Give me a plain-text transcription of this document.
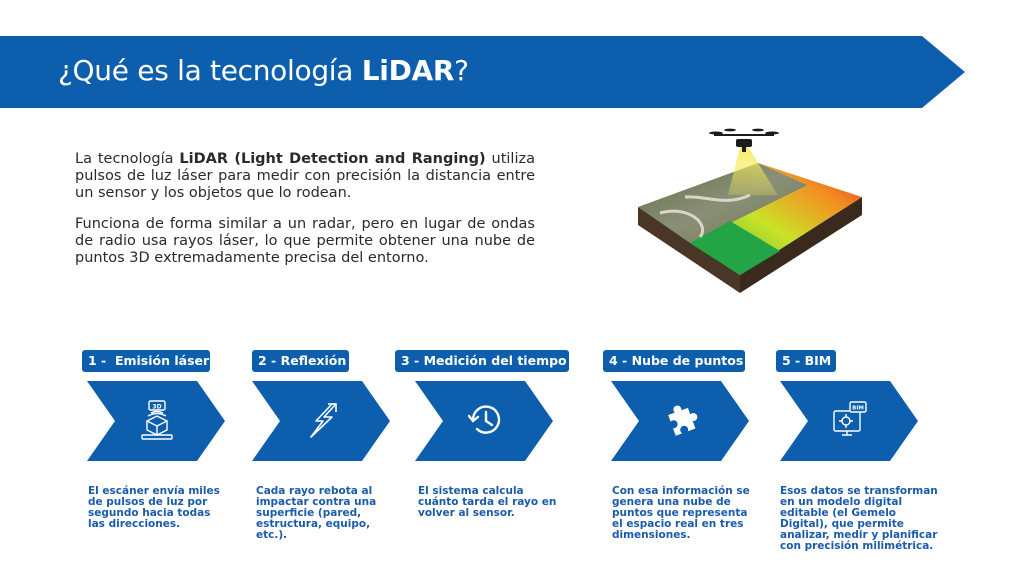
¿Qué es la tecnología LiDAR?

La tecnología LiDAR (Light Detection and Ranging) utiliza pulsos de luz láser para medir con precisión la distancia entre un sensor y los objetos que lo rodean.

Funciona de forma similar a un radar, pero en lugar de ondas de radio usa rayos láser, lo que permite obtener una nube de puntos 3D extremadamente precisa del entorno.

1 -  Emisión láser
3D
El escáner envía miles de pulsos de luz por segundo hacia todas las direcciones.
2 - Reflexión
Cada rayo rebota al impactar contra una superficie (pared, estructura, equipo, etc.).
3 - Medición del tiempo
El sistema calcula cuánto tarda el rayo en volver al sensor.
4 - Nube de puntos
Con esa información se genera una nube de puntos que representa el espacio real en tres dimensiones.
5 - BIM
BIM
Esos datos se transforman en un modelo digital editable (el Gemelo Digital), que permite analizar, medir y planificar con precisión milimétrica.
